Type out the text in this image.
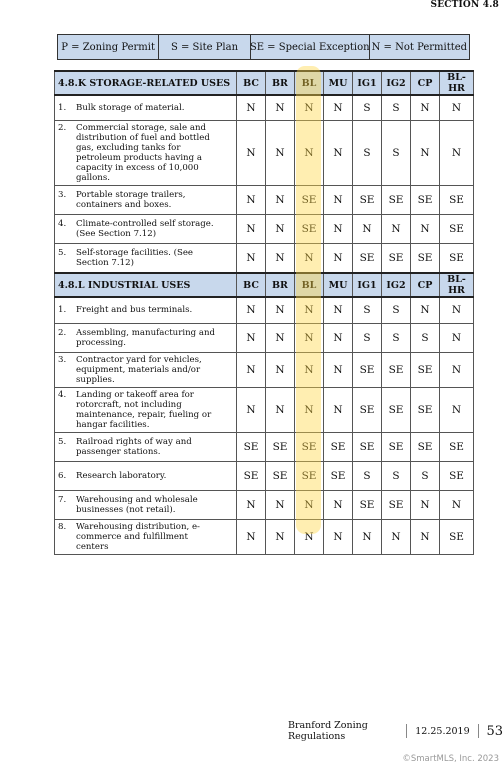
SECTION 4.8
P = Zoning Permit	S = Site Plan	SE = Special Exception N = Not Permitted
4.8.K STORAGE-RELATED USES	BC	BR	BL	MU	IG1	IG2	CP	BL-HR
1. Bulk storage of material.	N	N	N	N	S	S	N	N
2. Commercial storage, sale and distribution of fuel and bottled gas, excluding tanks for petroleum products having a capacity in excess of 10,000 gallons.	N	N	N	N	S	S	N	N
3. Portable storage trailers, containers and boxes.	N	N	SE	N	SE	SE	SE	SE
4. Climate-controlled self storage. (See Section 7.12)	N	N	SE	N	N	N	N	SE
5. Self-storage facilities. (See Section 7.12)	N	N	N	N	SE	SE	SE	SE
4.8.L INDUSTRIAL USES	BC	BR	BL	MU	IG1	IG2	CP	BL-HR
1. Freight and bus terminals.	N	N	N	N	S	S	N	N
2. Assembling, manufacturing and processing.	N	N	N	N	S	S	S	N
3. Contractor yard for vehicles, equipment, materials and/or supplies.	N	N	N	N	SE	SE	SE	N
4. Landing or takeoff area for rotorcraft, not including maintenance, repair, fueling or hangar facilities.	N	N	N	N	SE	SE	SE	N
5. Railroad rights of way and passenger stations.	SE	SE	SE	SE	SE	SE	SE	SE
6. Research laboratory.	SE	SE	SE	SE	S	S	S	SE
7. Warehousing and wholesale businesses (not retail).	N	N	N	N	SE	SE	N	N
8. Warehousing distribution, e-commerce and fulfillment centers	N	N	N	N	N	N	N	SE
Branford Zoning Regulations	12.25.2019 53
©SmartMLS, Inc. 2023
